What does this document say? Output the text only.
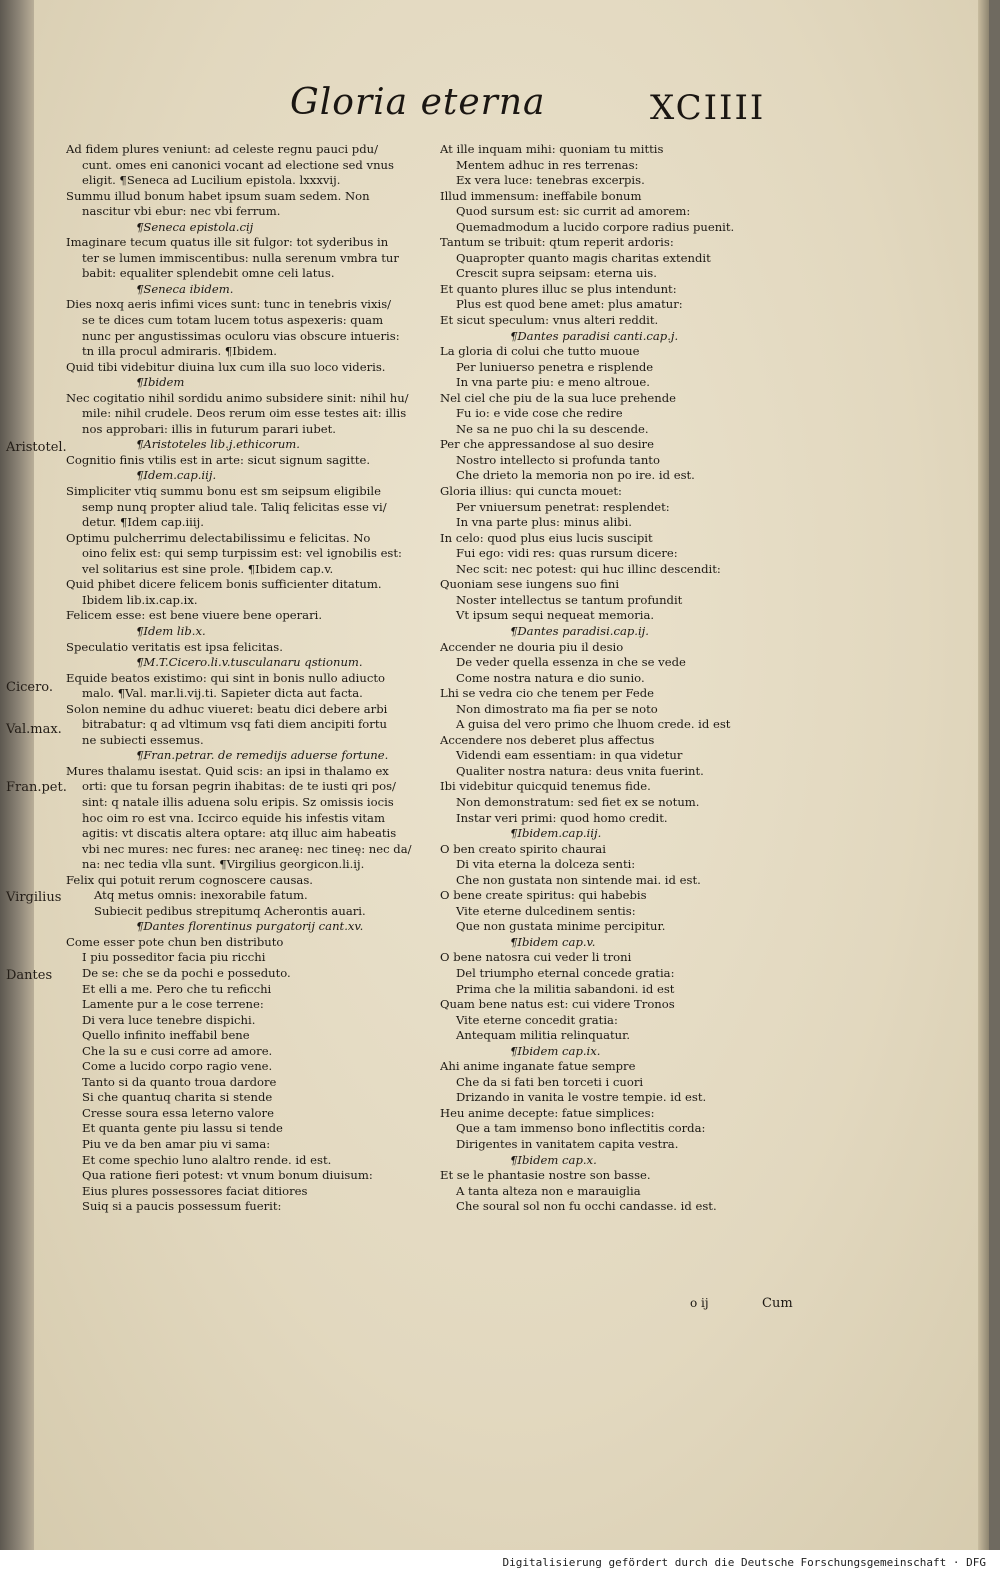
Gloria eterna	XCIIII
Aristotel.
Cicero.
Val.max.
Fran.pet.
Virgilius
Dantes
Ad fidem plures veniunt: ad celeste regnu pauci pdu/
cunt. omes eni canonici vocant ad electione sed vnus
eligit. ¶Seneca ad Lucilium epistola. lxxxvij.
Summu illud bonum habet ipsum suam sedem. Non
nascitur vbi ebur: nec vbi ferrum.
¶Seneca epistola.cij
Imaginare tecum quatus ille sit fulgor: tot syderibus in
ter se lumen immiscentibus: nulla serenum vmbra tur
babit: equaliter splendebit omne celi latus.
¶Seneca ibidem.
Dies noxq aeris infimi vices sunt: tunc in tenebris vixis/
se te dices cum totam lucem totus aspexeris: quam
nunc per angustissimas oculoru vias obscure intueris:
tn illa procul admiraris. ¶Ibidem.
Quid tibi videbitur diuina lux cum illa suo loco videris.
¶Ibidem
Nec cogitatio nihil sordidu animo subsidere sinit: nihil hu/
mile: nihil crudele. Deos rerum oim esse testes ait: illis
nos approbari: illis in futurum parari iubet.
¶Aristoteles lib.j.ethicorum.
Cognitio finis vtilis est in arte: sicut signum sagitte.
¶Idem.cap.iij.
Simpliciter vtiq summu bonu est sm seipsum eligibile
semp nunq propter aliud tale. Taliq felicitas esse vi/
detur. ¶Idem cap.iiij.
Optimu pulcherrimu delectabilissimu e felicitas. No
oino felix est: qui semp turpissim est: vel ignobilis est:
vel solitarius est sine prole. ¶Ibidem cap.v.
Quid phibet dicere felicem bonis sufficienter ditatum.
Ibidem lib.ix.cap.ix.
Felicem esse: est bene viuere bene operari.
¶Idem lib.x.
Speculatio veritatis est ipsa felicitas.
¶M.T.Cicero.li.v.tusculanaru qstionum.
Equide beatos existimo: qui sint in bonis nullo adiucto
malo. ¶Val. mar.li.vij.ti. Sapieter dicta aut facta.
Solon nemine du adhuc viueret: beatu dici debere arbi
bitrabatur: q ad vltimum vsq fati diem ancipiti fortu
ne subiecti essemus.
¶Fran.petrar. de remedijs aduerse fortune.
Mures thalamu isestat. Quid scis: an ipsi in thalamo ex
orti: que tu forsan pegrin ihabitas: de te iusti qri pos/
sint: q natale illis aduena solu eripis. Sz omissis iocis
hoc oim ro est vna. Iccirco equide his infestis vitam
agitis: vt discatis altera optare: atq illuc aim habeatis
vbi nec mures: nec fures: nec araneę: nec tineę: nec da/
na: nec tedia vlla sunt. ¶Virgilius georgicon.li.ij.
Felix qui potuit rerum cognoscere causas.
Atq metus omnis: inexorabile fatum.
Subiecit pedibus strepitumq Acherontis auari.
¶Dantes florentinus purgatorij cant.xv.
Come esser pote chun ben distributo
I piu posseditor facia piu ricchi
De se: che se da pochi e posseduto.
Et elli a me. Pero che tu reficchi
Lamente pur a le cose terrene:
Di vera luce tenebre dispichi.
Quello infinito ineffabil bene
Che la su e cusi corre ad amore.
Come a lucido corpo ragio vene.
Tanto si da quanto troua dardore
Si che quantuq charita si stende
Cresse soura essa leterno valore
Et quanta gente piu lassu si tende
Piu ve da ben amar piu vi sama:
Et come spechio luno alaltro rende. id est.
Qua ratione fieri potest: vt vnum bonum diuisum:
Eius plures possessores faciat ditiores
Suiq si a paucis possessum fuerit:
At ille inquam mihi: quoniam tu mittis
Mentem adhuc in res terrenas:
Ex vera luce: tenebras excerpis.
Illud immensum: ineffabile bonum
Quod sursum est: sic currit ad amorem:
Quemadmodum a lucido corpore radius puenit.
Tantum se tribuit: qtum reperit ardoris:
Quapropter quanto magis charitas extendit
Crescit supra seipsam: eterna uis.
Et quanto plures illuc se plus intendunt:
Plus est quod bene amet: plus amatur:
Et sicut speculum: vnus alteri reddit.
¶Dantes paradisi canti.cap.j.
La gloria di colui che tutto muoue
Per luniuerso penetra e risplende
In vna parte piu: e meno altroue.
Nel ciel che piu de la sua luce prehende
Fu io: e vide cose che redire
Ne sa ne puo chi la su descende.
Per che appressandose al suo desire
Nostro intellecto si profunda tanto
Che drieto la memoria non po ire. id est.
Gloria illius: qui cuncta mouet:
Per vniuersum penetrat: resplendet:
In vna parte plus: minus alibi.
In celo: quod plus eius lucis suscipit
Fui ego: vidi res: quas rursum dicere:
Nec scit: nec potest: qui huc illinc descendit:
Quoniam sese iungens suo fini
Noster intellectus se tantum profundit
Vt ipsum sequi nequeat memoria.
¶Dantes paradisi.cap.ij.
Accender ne douria piu il desio
De veder quella essenza in che se vede
Come nostra natura e dio sunio.
Lhi se vedra cio che tenem per Fede
Non dimostrato ma fia per se noto
A guisa del vero primo che lhuom crede. id est
Accendere nos deberet plus affectus
Videndi eam essentiam: in qua videtur
Qualiter nostra natura: deus vnita fuerint.
Ibi videbitur quicquid tenemus fide.
Non demonstratum: sed fiet ex se notum.
Instar veri primi: quod homo credit.
¶Ibidem.cap.iij.
O ben creato spirito chaurai
Di vita eterna la dolceza senti:
Che non gustata non sintende mai. id est.
O bene create spiritus: qui habebis
Vite eterne dulcedinem sentis:
Que non gustata minime percipitur.
¶Ibidem cap.v.
O bene natosra cui veder li troni
Del triumpho eternal concede gratia:
Prima che la militia sabandoni. id est
Quam bene natus est: cui videre Tronos
Vite eterne concedit gratia:
Antequam militia relinquatur.
¶Ibidem cap.ix.
Ahi anime inganate fatue sempre
Che da si fati ben torceti i cuori
Drizando in vanita le vostre tempie. id est.
Heu anime decepte: fatue simplices:
Que a tam immenso bono inflectitis corda:
Dirigentes in vanitatem capita vestra.
¶Ibidem cap.x.
Et se le phantasie nostre son basse.
A tanta alteza non e marauiglia
Che soural sol non fu occhi candasse. id est.
o ij	Cum
Digitalisierung gefördert durch die Deutsche Forschungsgemeinschaft · DFG
